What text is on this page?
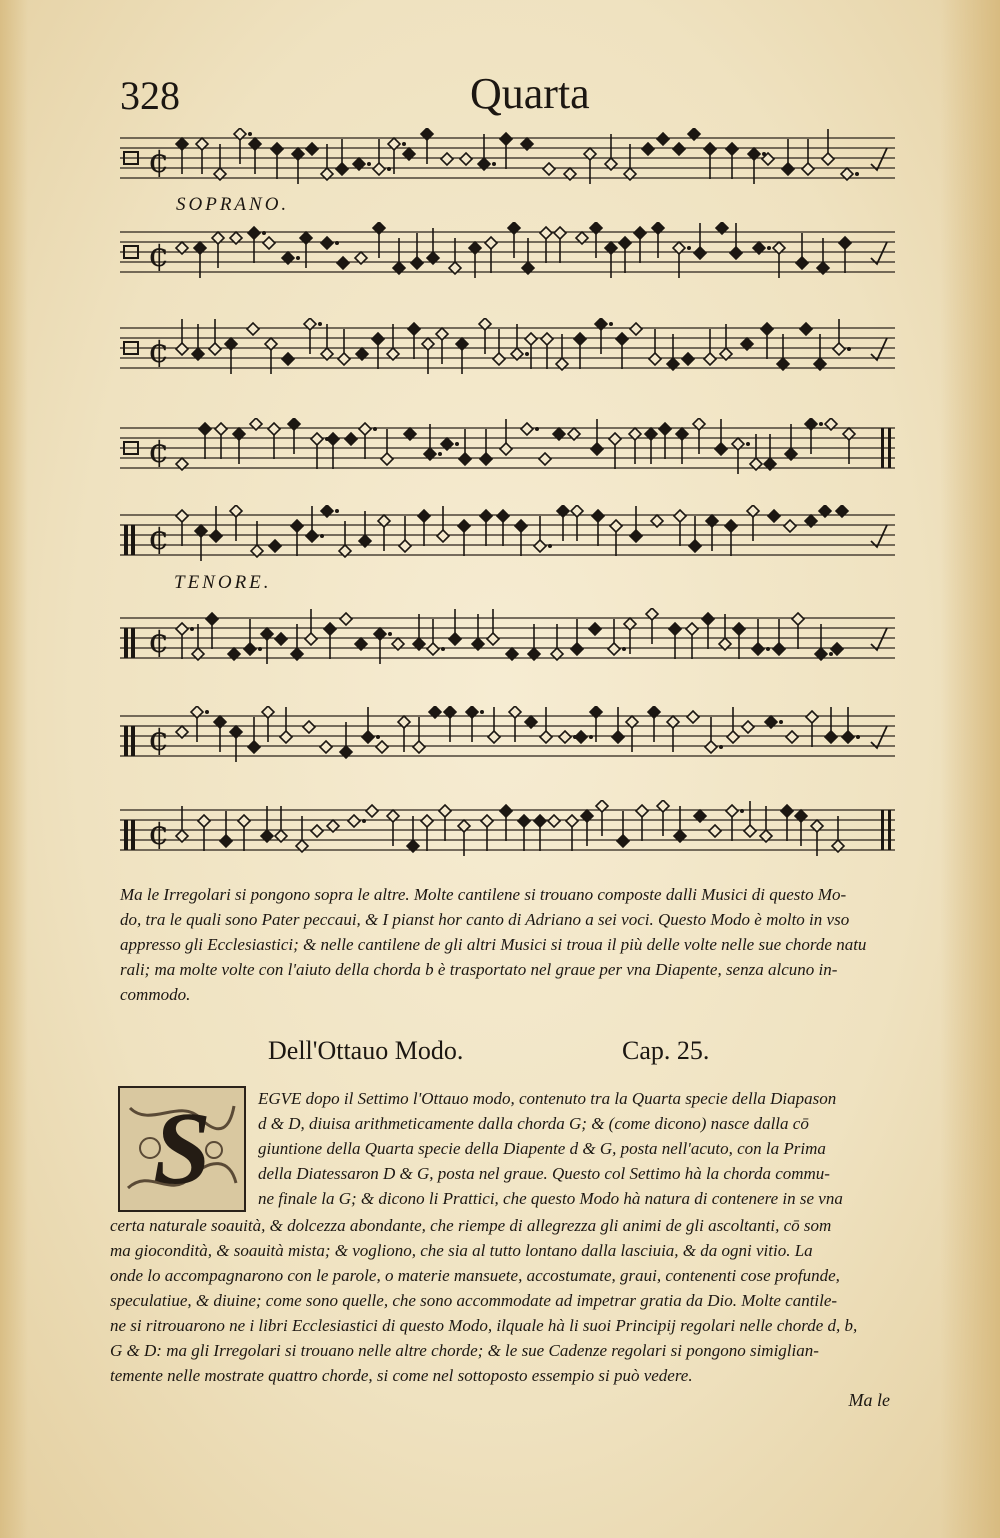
328	Quarta
¢
SOPRANO.
¢
¢
¢
¢
TENORE.
¢
¢
¢

Ma le Irregolari si pongono sopra le altre. Molte cantilene si trouano composte dalli Musici di questo Mo-

do, tra le quali sono Pater peccaui, & I pianst hor canto di Adriano a sei voci. Questo Modo è molto in vso

appresso gli Ecclesiastici; & nelle cantilene de gli altri Musici si troua il più delle volte nelle sue chorde natu

rali; ma molte volte con l'aiuto della chorda b è trasportato nel graue per vna Diapente, senza alcuno in-

commodo.

Dell'Ottauo Modo.	Cap. 25.
S	EGVE dopo il Settimo l'Ottauo modo, contenuto tra la Quarta specie della Diapason

d & D, diuisa arithmeticamente dalla chorda G; & (come dicono) nasce dalla cō

giuntione della Quarta specie della Diapente d & G, posta nell'acuto, con la Prima

della Diatessaron D & G, posta nel graue. Questo col Settimo hà la chorda commu-

ne finale la G; & dicono li Prattici, che questo Modo hà natura di contenere in se vna

certa naturale soauità, & dolcezza abondante, che riempe di allegrezza gli animi de gli ascoltanti, cō som

ma giocondità, & soauità mista; & vogliono, che sia al tutto lontano dalla lasciuia, & da ogni vitio. La

onde lo accompagnarono con le parole, o materie mansuete, accostumate, graui, contenenti cose profunde,

speculatiue, & diuine; come sono quelle, che sono accommodate ad impetrar gratia da Dio. Molte cantile-

ne si ritrouarono ne i libri Ecclesiastici di questo Modo, ilquale hà li suoi Principij regolari nelle chorde d, b,

G & D: ma gli Irregolari si trouano nelle altre chorde; & le sue Cadenze regolari si pongono simiglian-

temente nelle mostrate quattro chorde, si come nel sottoposto essempio si può vedere.

Ma le
